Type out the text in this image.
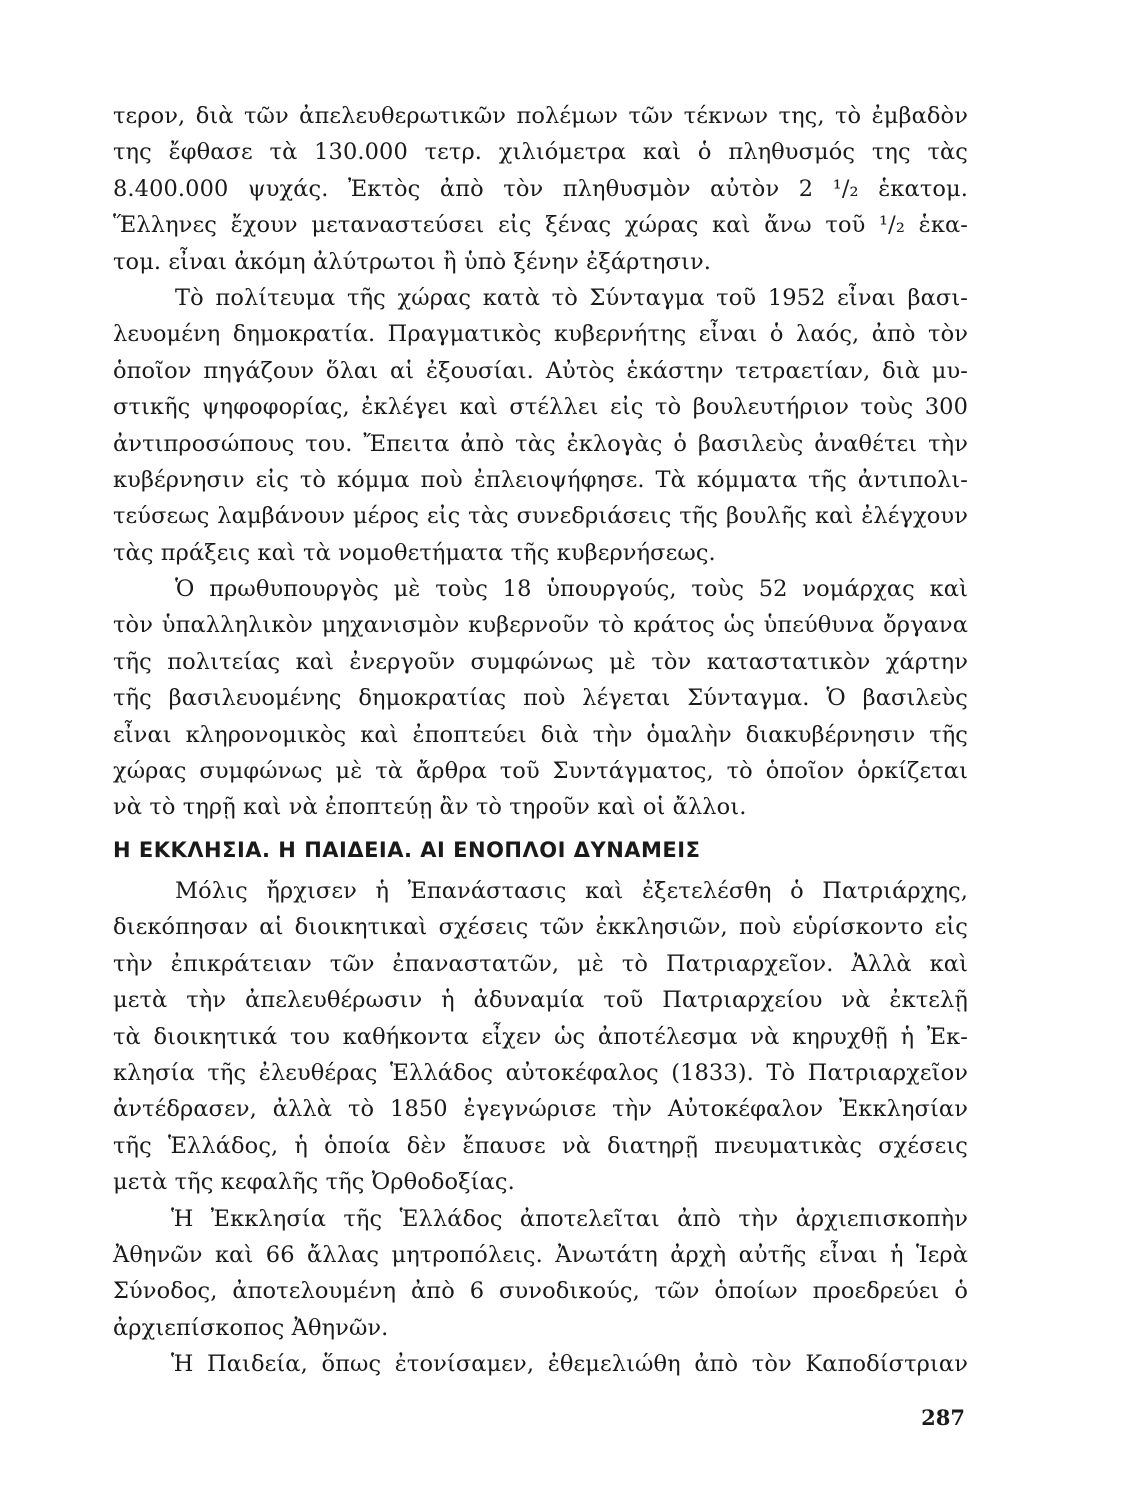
τερον, διὰ τῶν ἀπελευθερωτικῶν πολέμων τῶν τέκνων της, τὸ ἐμβαδὸν
της ἔφθασε τὰ 130.000 τετρ. χιλιόμετρα καὶ ὁ πληθυσμός της τὰς
8.400.000 ψυχάς. Ἐκτὸς ἀπὸ τὸν πληθυσμὸν αὐτὸν 2 ¹/₂ ἑκατομ.
Ἕλληνες ἔχουν μεταναστεύσει εἰς ξένας χώρας καὶ ἄνω τοῦ ¹/₂ ἑκα-
τομ. εἶναι ἀκόμη ἀλύτρωτοι ἢ ὑπὸ ξένην ἐξάρτησιν.
Τὸ πολίτευμα τῆς χώρας κατὰ τὸ Σύνταγμα τοῦ 1952 εἶναι βασι-
λευομένη δημοκρατία. Πραγματικὸς κυβερνήτης εἶναι ὁ λαός, ἀπὸ τὸν
ὁποῖον πηγάζουν ὅλαι αἱ ἐξουσίαι. Αὐτὸς ἑκάστην τετραετίαν, διὰ μυ-
στικῆς ψηφοφορίας, ἐκλέγει καὶ στέλλει εἰς τὸ βουλευτήριον τοὺς 300
ἀντιπροσώπους του. Ἔπειτα ἀπὸ τὰς ἐκλογὰς ὁ βασιλεὺς ἀναθέτει τὴν
κυβέρνησιν εἰς τὸ κόμμα ποὺ ἐπλειοψήφησε. Τὰ κόμματα τῆς ἀντιπολι-
τεύσεως λαμβάνουν μέρος εἰς τὰς συνεδριάσεις τῆς βουλῆς καὶ ἐλέγχουν
τὰς πράξεις καὶ τὰ νομοθετήματα τῆς κυβερνήσεως.
Ὁ πρωθυπουργὸς μὲ τοὺς 18 ὑπουργούς, τοὺς 52 νομάρχας καὶ
τὸν ὑπαλληλικὸν μηχανισμὸν κυβερνοῦν τὸ κράτος ὡς ὑπεύθυνα ὄργανα
τῆς πολιτείας καὶ ἐνεργοῦν συμφώνως μὲ τὸν καταστατικὸν χάρτην
τῆς βασιλευομένης δημοκρατίας ποὺ λέγεται Σύνταγμα. Ὁ βασιλεὺς
εἶναι κληρονομικὸς καὶ ἐποπτεύει διὰ τὴν ὁμαλὴν διακυβέρνησιν τῆς
χώρας συμφώνως μὲ τὰ ἄρθρα τοῦ Συντάγματος, τὸ ὁποῖον ὁρκίζεται
νὰ τὸ τηρῇ καὶ νὰ ἐποπτεύῃ ἂν τὸ τηροῦν καὶ οἱ ἄλλοι.
Η ΕΚΚΛΗΣΙΑ. Η ΠΑΙΔΕΙΑ. ΑΙ ΕΝΟΠΛΟΙ ΔΥΝΑΜΕΙΣ
Μόλις ἤρχισεν ἡ Ἐπανάστασις καὶ ἐξετελέσθη ὁ Πατριάρχης,
διεκόπησαν αἱ διοικητικαὶ σχέσεις τῶν ἐκκλησιῶν, ποὺ εὑρίσκοντο εἰς
τὴν ἐπικράτειαν τῶν ἐπαναστατῶν, μὲ τὸ Πατριαρχεῖον. Ἀλλὰ καὶ
μετὰ τὴν ἀπελευθέρωσιν ἡ ἀδυναμία τοῦ Πατριαρχείου νὰ ἐκτελῇ
τὰ διοικητικά του καθήκοντα εἶχεν ὡς ἀποτέλεσμα νὰ κηρυχθῇ ἡ Ἐκ-
κλησία τῆς ἐλευθέρας Ἑλλάδος αὐτοκέφαλος (1833). Τὸ Πατριαρχεῖον
ἀντέδρασεν, ἀλλὰ τὸ 1850 ἐγεγνώρισε τὴν Αὐτοκέφαλον Ἐκκλησίαν
τῆς Ἑλλάδος, ἡ ὁποία δὲν ἔπαυσε νὰ διατηρῇ πνευματικὰς σχέσεις
μετὰ τῆς κεφαλῆς τῆς Ὀρθοδοξίας.
Ἡ Ἐκκλησία τῆς Ἑλλάδος ἀποτελεῖται ἀπὸ τὴν ἀρχιεπισκοπὴν
Ἀθηνῶν καὶ 66 ἄλλας μητροπόλεις. Ἀνωτάτη ἀρχὴ αὐτῆς εἶναι ἡ Ἱερὰ
Σύνοδος, ἀποτελουμένη ἀπὸ 6 συνοδικούς, τῶν ὁποίων προεδρεύει ὁ
ἀρχιεπίσκοπος Ἀθηνῶν.
Ἡ Παιδεία, ὅπως ἐτονίσαμεν, ἐθεμελιώθη ἀπὸ τὸν Καποδίστριαν
287
